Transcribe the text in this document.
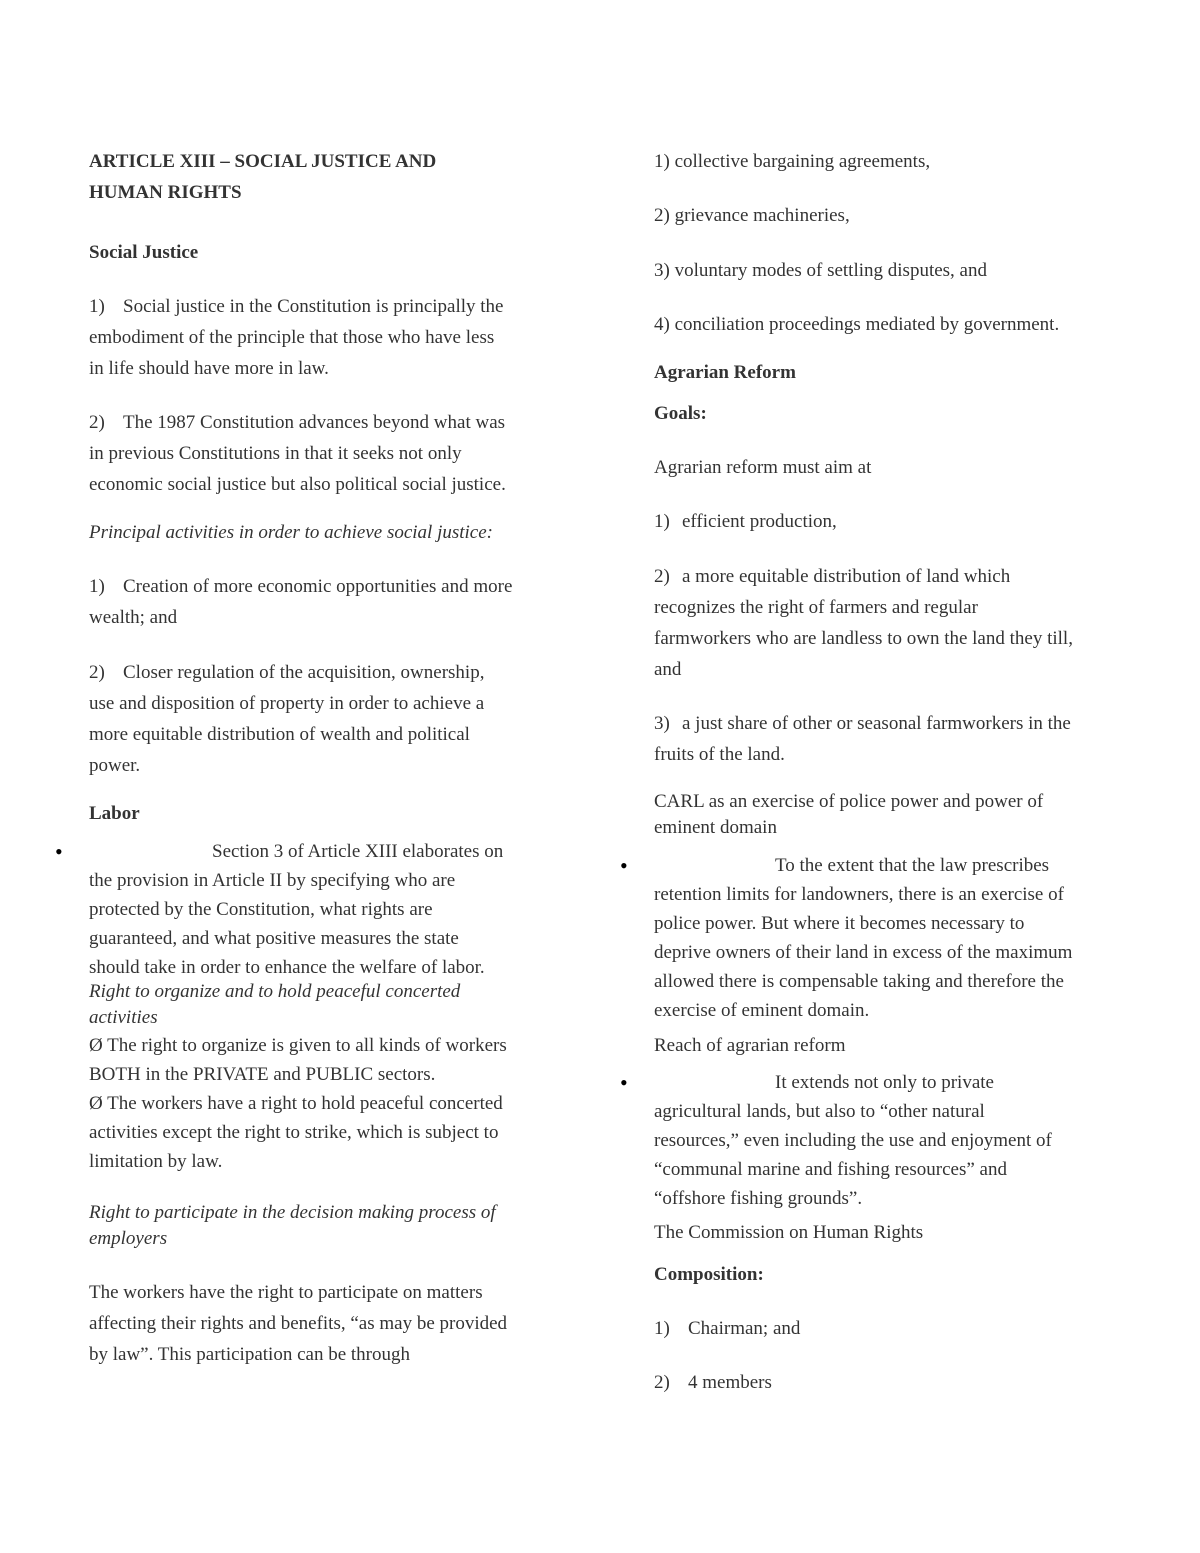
ARTICLE XIII – SOCIAL JUSTICE AND
HUMAN RIGHTS
Social Justice
1) Social justice in the Constitution is principally the
embodiment of the principle that those who have less
in life should have more in law.
2) The 1987 Constitution advances beyond what was
in previous Constitutions in that it seeks not only
economic social justice but also political social justice.
Principal activities in order to achieve social justice:
1) Creation of more economic opportunities and more
wealth; and
2) Closer regulation of the acquisition, ownership,
use and disposition of property in order to achieve a
more equitable distribution of wealth and political
power.
Labor
•	Section 3 of Article XIII elaborates on
the provision in Article II by specifying who are
protected by the Constitution, what rights are
guaranteed, and what positive measures the state
should take in order to enhance the welfare of labor.
Right to organize and to hold peaceful concerted
activities
Ø The right to organize is given to all kinds of workers
BOTH in the PRIVATE and PUBLIC sectors.
Ø The workers have a right to hold peaceful concerted
activities except the right to strike, which is subject to
limitation by law.
Right to participate in the decision making process of
employers
The workers have the right to participate on matters
affecting their rights and benefits, “as may be provided
by law”. This participation can be through
1) collective bargaining agreements,
2) grievance machineries,
3) voluntary modes of settling disputes, and
4) conciliation proceedings mediated by government.
Agrarian Reform
Goals:
Agrarian reform must aim at
1) efficient production,
2) a more equitable distribution of land which
recognizes the right of farmers and regular
farmworkers who are landless to own the land they till,
and
3) a just share of other or seasonal farmworkers in the
fruits of the land.
CARL as an exercise of police power and power of
eminent domain
•	To the extent that the law prescribes
retention limits for landowners, there is an exercise of
police power. But where it becomes necessary to
deprive owners of their land in excess of the maximum
allowed there is compensable taking and therefore the
exercise of eminent domain.
Reach of agrarian reform
•	It extends not only to private
agricultural lands, but also to “other natural
resources,” even including the use and enjoyment of
“communal marine and fishing resources” and
“offshore fishing grounds”.
The Commission on Human Rights
Composition:
1) Chairman; and
2) 4 members
